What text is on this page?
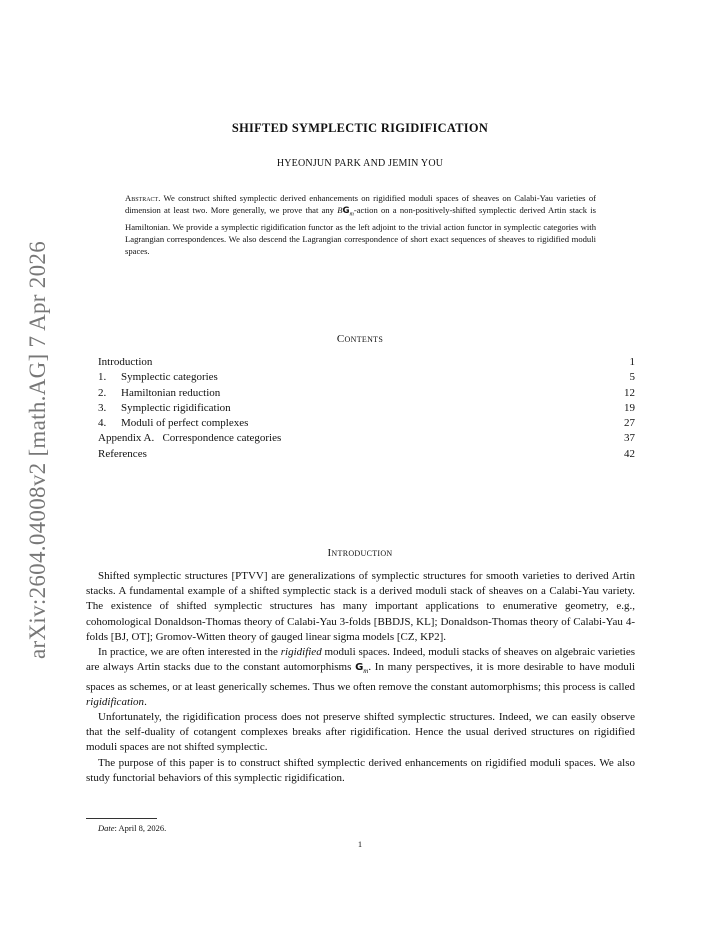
arXiv:2604.04008v2 [math.AG] 7 Apr 2026
SHIFTED SYMPLECTIC RIGIDIFICATION
HYEONJUN PARK AND JEMIN YOU
Abstract. We construct shifted symplectic derived enhancements on rigidified moduli spaces of sheaves on Calabi-Yau varieties of dimension at least two. More generally, we prove that any $BG_m$-action on a non-positively-shifted symplectic derived Artin stack is Hamiltonian. We provide a symplectic rigidification functor as the left adjoint to the trivial action functor in symplectic categories with Lagrangian correspondences. We also descend the Lagrangian correspondence of short exact sequences of sheaves to rigidified moduli spaces.
Contents
Introduction	1
1. Symplectic categories	5
2. Hamiltonian reduction	12
3. Symplectic rigidification	19
4. Moduli of perfect complexes	27
Appendix A.   Correspondence categories	37
References	42
Introduction

Shifted symplectic structures [PTVV] are generalizations of symplectic structures for smooth varieties to derived Artin stacks. A fundamental example of a shifted symplectic stack is a derived moduli stack of sheaves on a Calabi-Yau variety. The existence of shifted symplectic structures has many important applications to enumerative geometry, e.g., cohomological Donaldson-Thomas theory of Calabi-Yau 3-folds [BBDJS, KL]; Donaldson-Thomas theory of Calabi-Yau 4-folds [BJ, OT]; Gromov-Witten theory of gauged linear sigma models [CZ, KP2].

In practice, we are often interested in the rigidified moduli spaces. Indeed, moduli stacks of sheaves on algebraic varieties are always Artin stacks due to the constant automorphisms $G_m$. In many perspectives, it is more desirable to have moduli spaces as schemes, or at least generically schemes. Thus we often remove the constant automorphisms; this process is called rigidification.

Unfortunately, the rigidification process does not preserve shifted symplectic structures. Indeed, we can easily observe that the self-duality of cotangent complexes breaks after rigidification. Hence the usual derived structures on rigidified moduli spaces are not shifted symplectic.

The purpose of this paper is to construct shifted symplectic derived enhancements on rigidified moduli spaces. We also study functorial behaviors of this symplectic rigidification.

Date: April 8, 2026.
1
